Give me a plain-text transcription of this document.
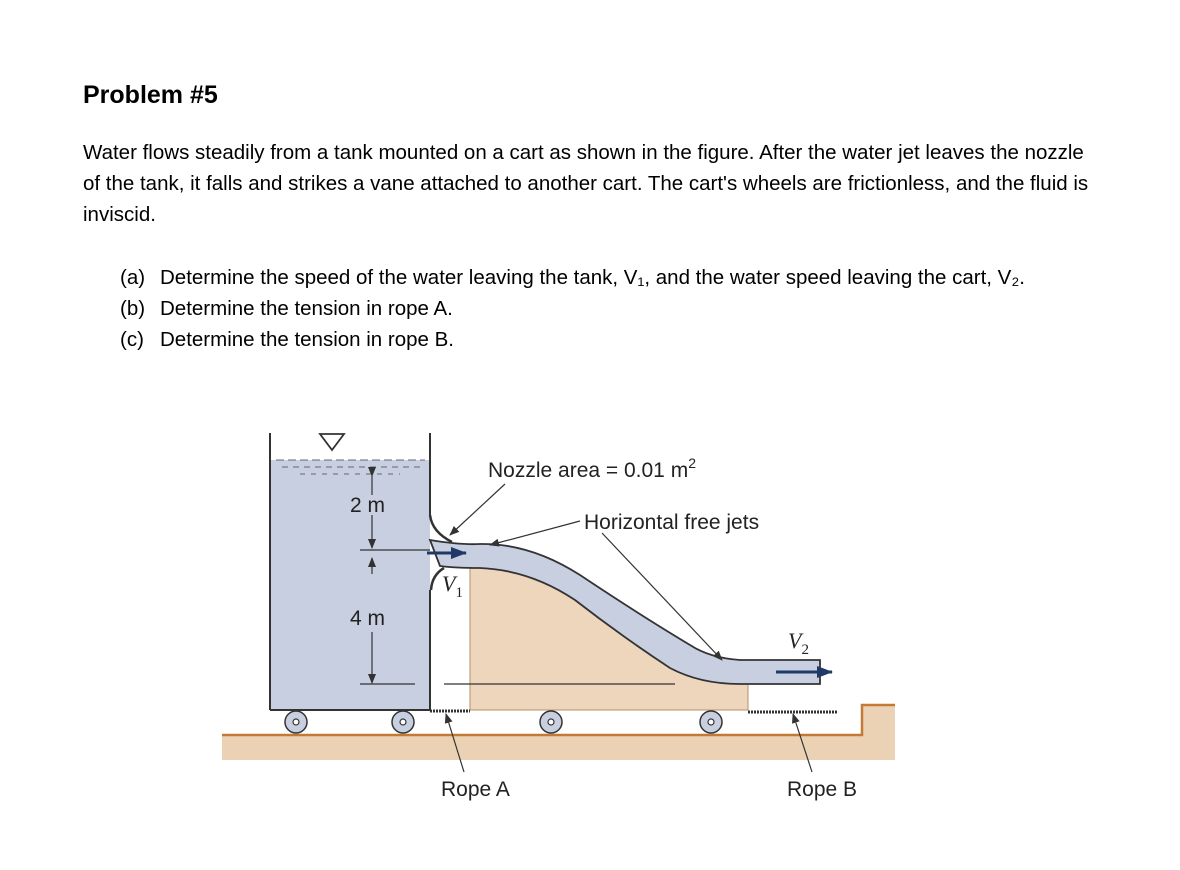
Problem #5

Water flows steadily from a tank mounted on a cart as shown in the figure. After the water jet leaves the nozzle of the tank, it falls and strikes a vane attached to another cart. The cart's wheels are frictionless, and the fluid is inviscid.

(a) Determine the speed of the water leaving the tank, V₁, and the water speed leaving the cart, V₂.
(b) Determine the tension in rope A.
(c) Determine the tension in rope B.
Nozzle area = 0.01 $m^2$
Horizontal free jets
2 m
4 m
V1
V2
Rope A	Rope B
